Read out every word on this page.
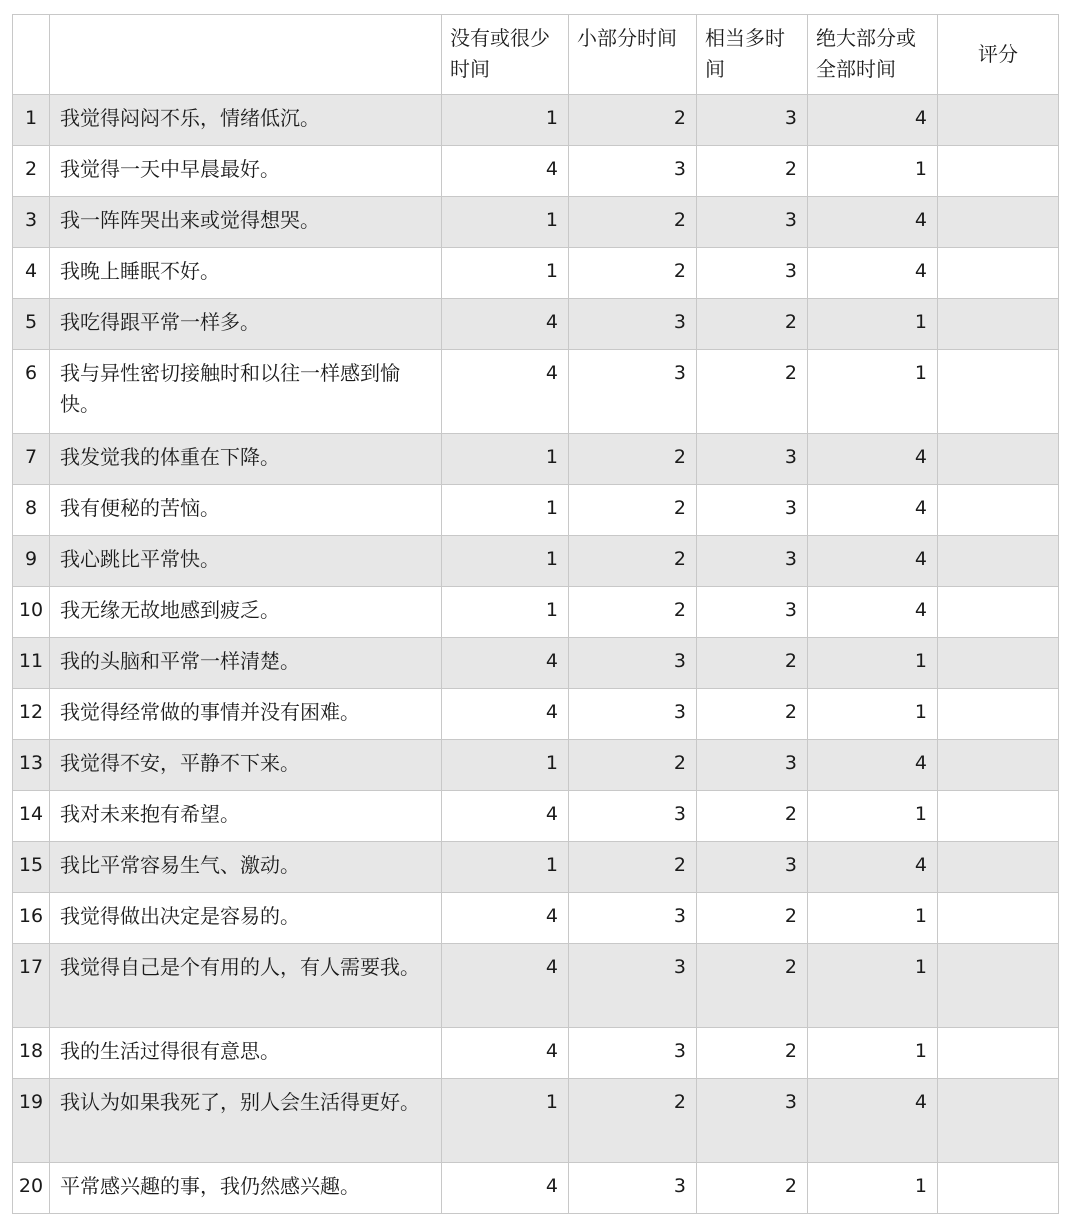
		没有或很少时间	小部分时间	相当多时间	绝大部分或全部时间	评分
1	我觉得闷闷不乐，情绪低沉。	1	2	3	4	
2	我觉得一天中早晨最好。	4	3	2	1	
3	我一阵阵哭出来或觉得想哭。	1	2	3	4	
4	我晚上睡眠不好。	1	2	3	4	
5	我吃得跟平常一样多。	4	3	2	1	
6	我与异性密切接触时和以往一样感到愉快。	4	3	2	1	
7	我发觉我的体重在下降。	1	2	3	4	
8	我有便秘的苦恼。	1	2	3	4	
9	我心跳比平常快。	1	2	3	4	
10	我无缘无故地感到疲乏。	1	2	3	4	
11	我的头脑和平常一样清楚。	4	3	2	1	
12	我觉得经常做的事情并没有困难。	4	3	2	1	
13	我觉得不安，平静不下来。	1	2	3	4	
14	我对未来抱有希望。	4	3	2	1	
15	我比平常容易生气、激动。	1	2	3	4	
16	我觉得做出决定是容易的。	4	3	2	1	
17	我觉得自己是个有用的人，有人需要我。	4	3	2	1	
18	我的生活过得很有意思。	4	3	2	1	
19	我认为如果我死了，别人会生活得更好。	1	2	3	4	
20	平常感兴趣的事，我仍然感兴趣。	4	3	2	1	
